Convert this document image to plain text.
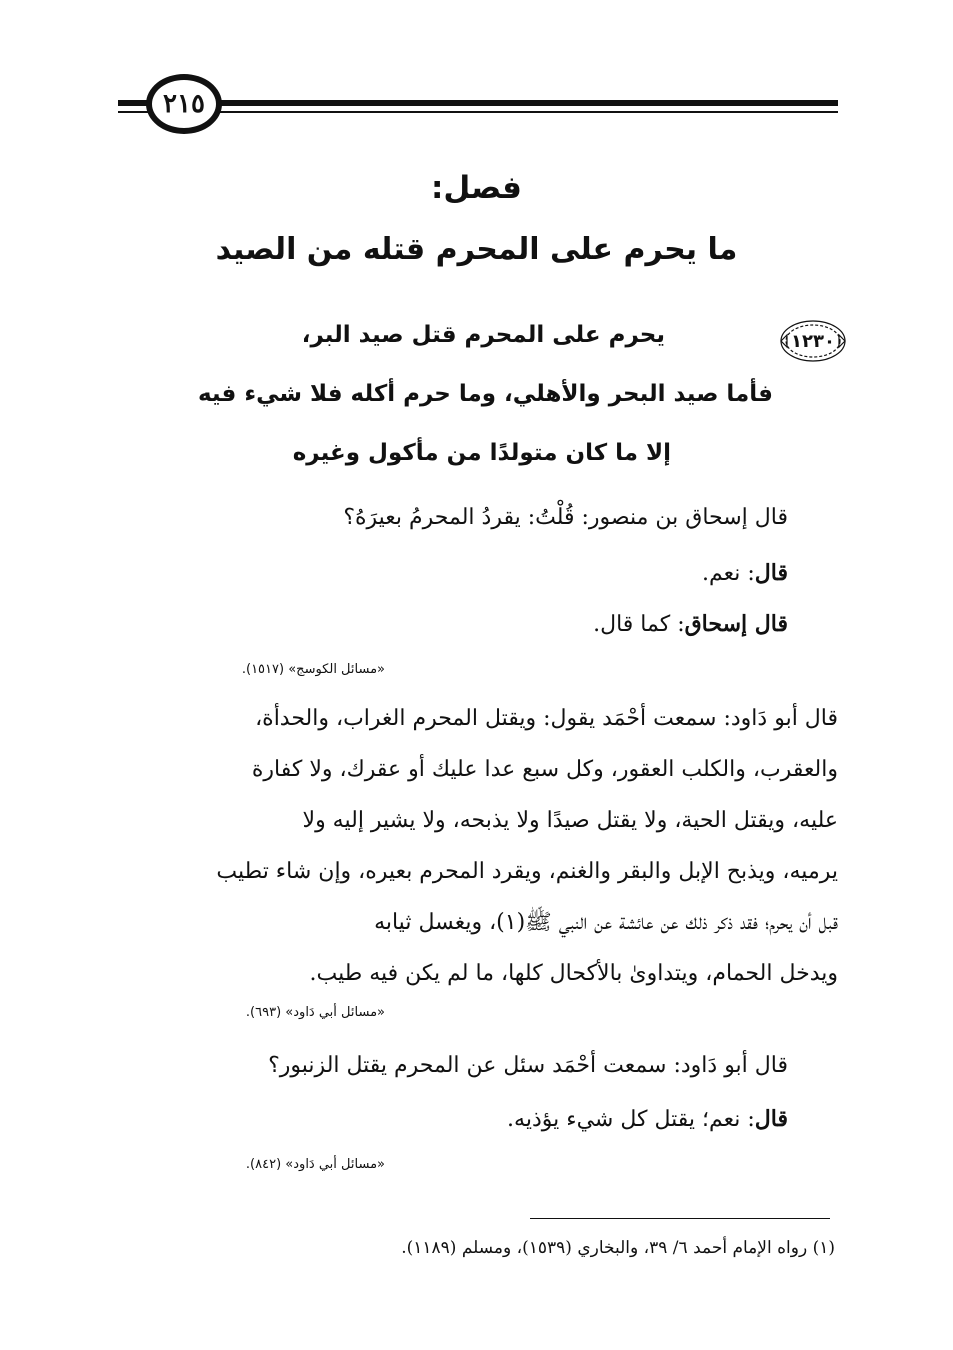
٢١٥
فصل:
ما يحرم على المحرم قتله من الصيد
١٢٣٠
يحرم على المحرم قتل صيد البر،
فأما صيد البحر والأهلي، وما حرم أكله فلا شيء فيه
إلا ما كان متولدًا من مأكول وغيره
قال إسحاق بن منصور: قُلْتُ: يقردُ المحرمُ بعيرَهُ؟
قال: نعم.
قال إسحاق: كما قال.
«مسائل الكوسج» (١٥١٧).
قال أبو دَاود: سمعت أحْمَد يقول: ويقتل المحرم الغراب، والحدأة،
والعقرب، والكلب العقور، وكل سبع عدا عليك أو عقرك، ولا كفارة
عليه، ويقتل الحية، ولا يقتل صيدًا ولا يذبحه، ولا يشير إليه ولا
يرميه، ويذبح الإبل والبقر والغنم، ويقرد المحرم بعيره، وإن شاء تطيب
قبل أن يحرم؛ فقد ذكر ذلك عن عائشة عن النبي ﷺ(١)، ويغسل ثيابه
ويدخل الحمام، ويتداوىٰ بالأكحال كلها، ما لم يكن فيه طيب.
«مسائل أبي دَاود» (٦٩٣).
قال أبو دَاود: سمعت أحْمَد سئل عن المحرم يقتل الزنبور؟
قال: نعم؛ يقتل كل شيء يؤذيه.
«مسائل أبي دَاود» (٨٤٢).
(١) رواه الإمام أحمد ٦/ ٣٩، والبخاري (١٥٣٩)، ومسلم (١١٨٩).
